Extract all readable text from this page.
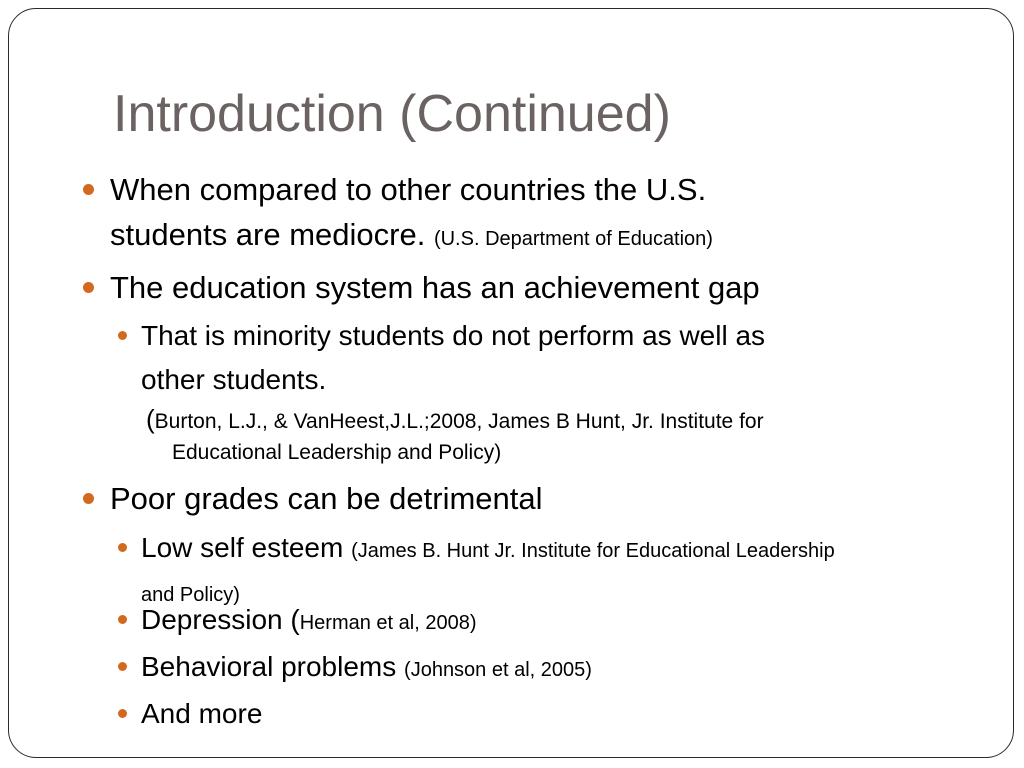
Introduction (Continued)
When compared to other countries the U.S.
students are mediocre. (U.S. Department of Education)
The education system has an achievement gap
That is minority students do not perform as well as
other students.
(Burton, L.J., & VanHeest,J.L.;2008, James B Hunt, Jr. Institute for
Educational Leadership and Policy)
Poor grades can be detrimental
Low self esteem (James B. Hunt Jr. Institute for Educational Leadership
and Policy)
Depression (Herman et al, 2008)
Behavioral problems (Johnson et al, 2005)
And more
